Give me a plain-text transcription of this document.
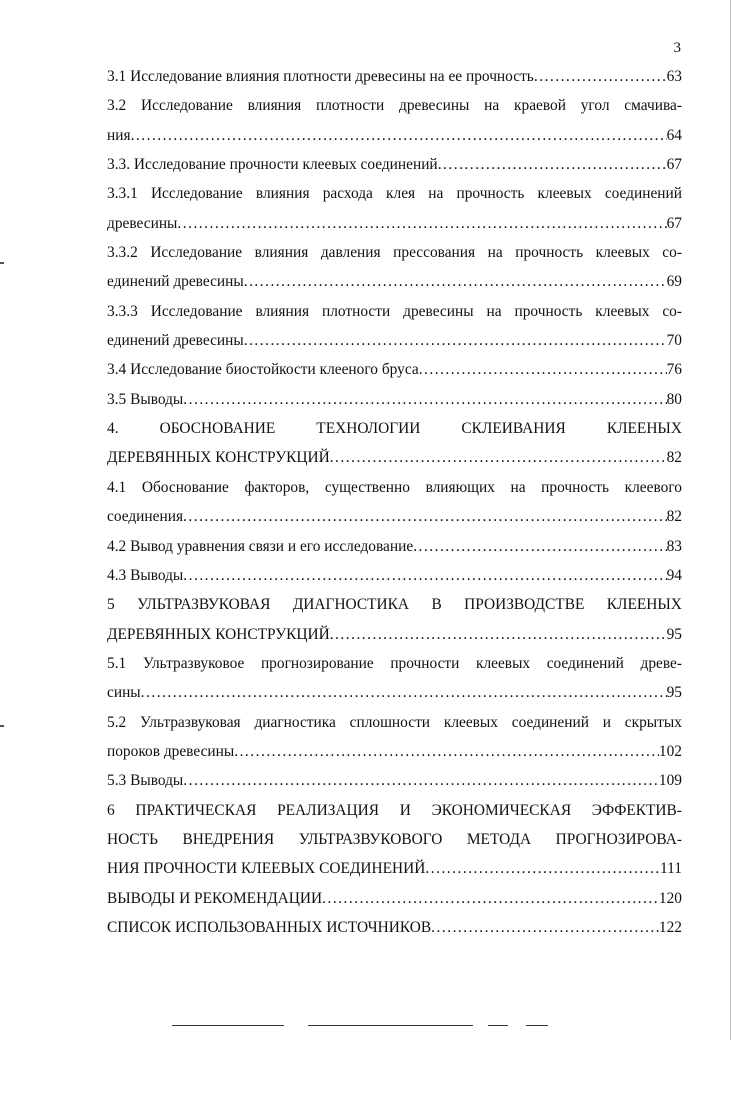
3
3.1 Исследование влияния плотности древесины на ее прочность .....	63
3.2 Исследование влияния плотности древесины на краевой угол смачива-
ния .....	64
3.3. Исследование прочности клеевых соединений .....	67
3.3.1 Исследование влияния расхода клея на прочность клеевых соединений
древесины .....	67
3.3.2 Исследование влияния давления прессования на прочность клеевых со-
единений древесины .....	69
3.3.3 Исследование влияния плотности древесины на прочность клеевых со-
единений древесины .....	70
3.4 Исследование биостойкости клееного бруса .....	76
3.5 Выводы .....	80
4.	ОБОСНОВАНИЕ	ТЕХНОЛОГИИ	СКЛЕИВАНИЯ	КЛЕЕНЫХ
ДЕРЕВЯННЫХ КОНСТРУКЦИЙ .....	82
4.1 Обоснование факторов, существенно влияющих на прочность клеевого
соединения .....	82
4.2 Вывод уравнения связи и его исследование .....	83
4.3 Выводы .....	94
5 УЛЬТРАЗВУКОВАЯ ДИАГНОСТИКА В ПРОИЗВОДСТВЕ КЛЕЕНЫХ
ДЕРЕВЯННЫХ КОНСТРУКЦИЙ .....	95
5.1 Ультразвуковое прогнозирование прочности клеевых соединений древе-
сины .....	95
5.2 Ультразвуковая диагностика сплошности клеевых соединений и скрытых
пороков древесины .....	102
5.3 Выводы .....	109
6 ПРАКТИЧЕСКАЯ РЕАЛИЗАЦИЯ И ЭКОНОМИЧЕСКАЯ ЭФФЕКТИВ-
НОСТЬ ВНЕДРЕНИЯ УЛЬТРАЗВУКОВОГО МЕТОДА ПРОГНОЗИРОВА-
НИЯ ПРОЧНОСТИ КЛЕЕВЫХ СОЕДИНЕНИЙ .....	111
ВЫВОДЫ И РЕКОМЕНДАЦИИ .....	120
СПИСОК ИСПОЛЬЗОВАННЫХ ИСТОЧНИКОВ .....	122
